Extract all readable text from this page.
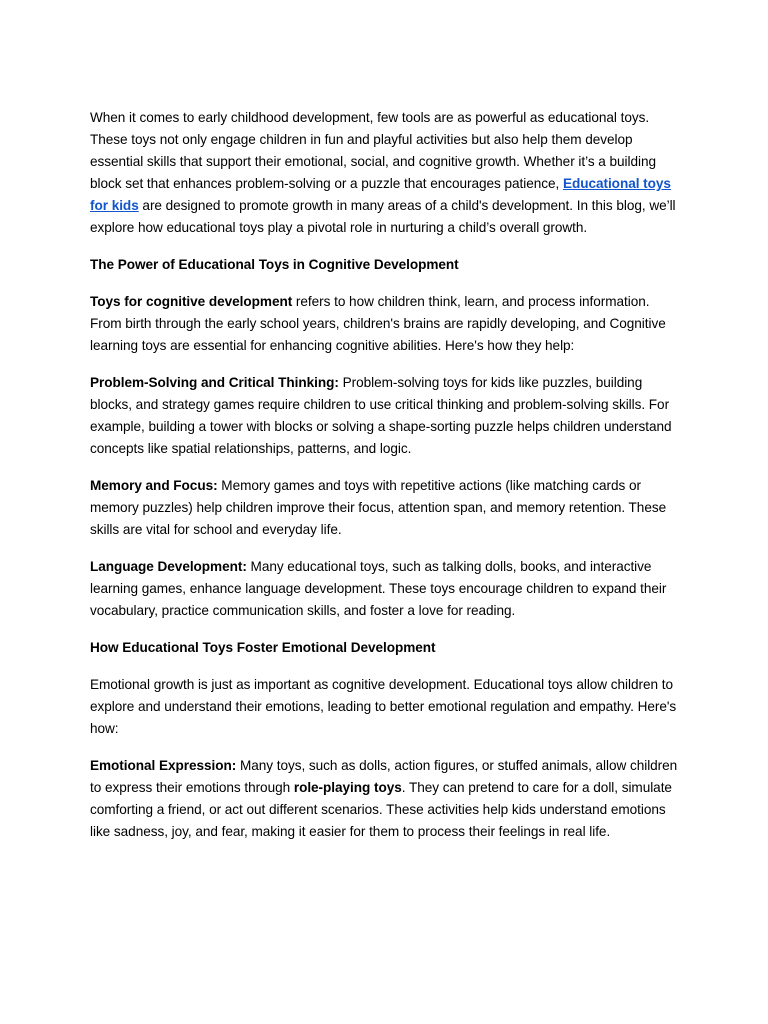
When it comes to early childhood development, few tools are as powerful as educational toys. These toys not only engage children in fun and playful activities but also help them develop essential skills that support their emotional, social, and cognitive growth. Whether it’s a building block set that enhances problem-solving or a puzzle that encourages patience, Educational toys for kids are designed to promote growth in many areas of a child's development. In this blog, we’ll explore how educational toys play a pivotal role in nurturing a child’s overall growth.

The Power of Educational Toys in Cognitive Development

Toys for cognitive development refers to how children think, learn, and process information. From birth through the early school years, children's brains are rapidly developing, and Cognitive learning toys are essential for enhancing cognitive abilities. Here's how they help:

Problem-Solving and Critical Thinking: Problem-solving toys for kids like puzzles, building blocks, and strategy games require children to use critical thinking and problem-solving skills. For example, building a tower with blocks or solving a shape-sorting puzzle helps children understand concepts like spatial relationships, patterns, and logic.

Memory and Focus: Memory games and toys with repetitive actions (like matching cards or memory puzzles) help children improve their focus, attention span, and memory retention. These skills are vital for school and everyday life.

Language Development: Many educational toys, such as talking dolls, books, and interactive learning games, enhance language development. These toys encourage children to expand their vocabulary, practice communication skills, and foster a love for reading.

How Educational Toys Foster Emotional Development

Emotional growth is just as important as cognitive development. Educational toys allow children to explore and understand their emotions, leading to better emotional regulation and empathy. Here's how:

Emotional Expression: Many toys, such as dolls, action figures, or stuffed animals, allow children to express their emotions through role-playing toys. They can pretend to care for a doll, simulate comforting a friend, or act out different scenarios. These activities help kids understand emotions like sadness, joy, and fear, making it easier for them to process their feelings in real life.
